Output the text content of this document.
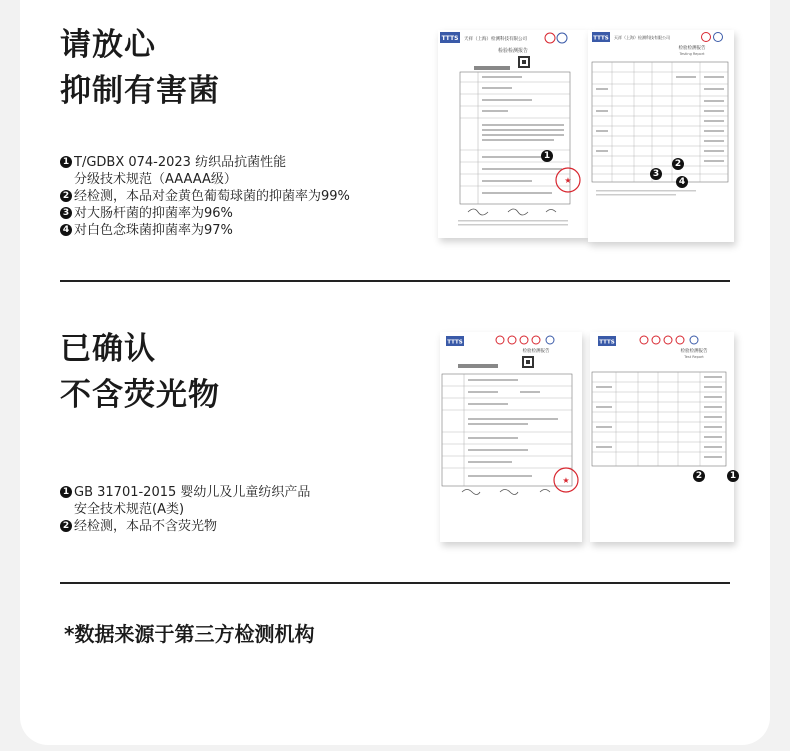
请放心
抑制有害菌
1 T/GDBX 074-2023 纺织品抗菌性能
分级技术规范（AAAAA级）
2 经检测，本品对金黄色葡萄球菌的抑菌率为99%
3 对大肠杆菌的抑菌率为96%
4 对白色念珠菌抑菌率为97%
TTTS 天祥（上海）检测科技有限公司
检验检测报告
★
1
TTTS 天祥（上海）检测科技有限公司
检验检测报告
Testing Report
2
3
4
已确认
不含荧光物
1 GB 31701-2015 婴幼儿及儿童纺织产品
安全技术规范(A类)
2 经检测，本品不含荧光物
TTTS
检验检测报告
★
TTTS
检验检测报告
Test Report
2	1

*数据来源于第三方检测机构
